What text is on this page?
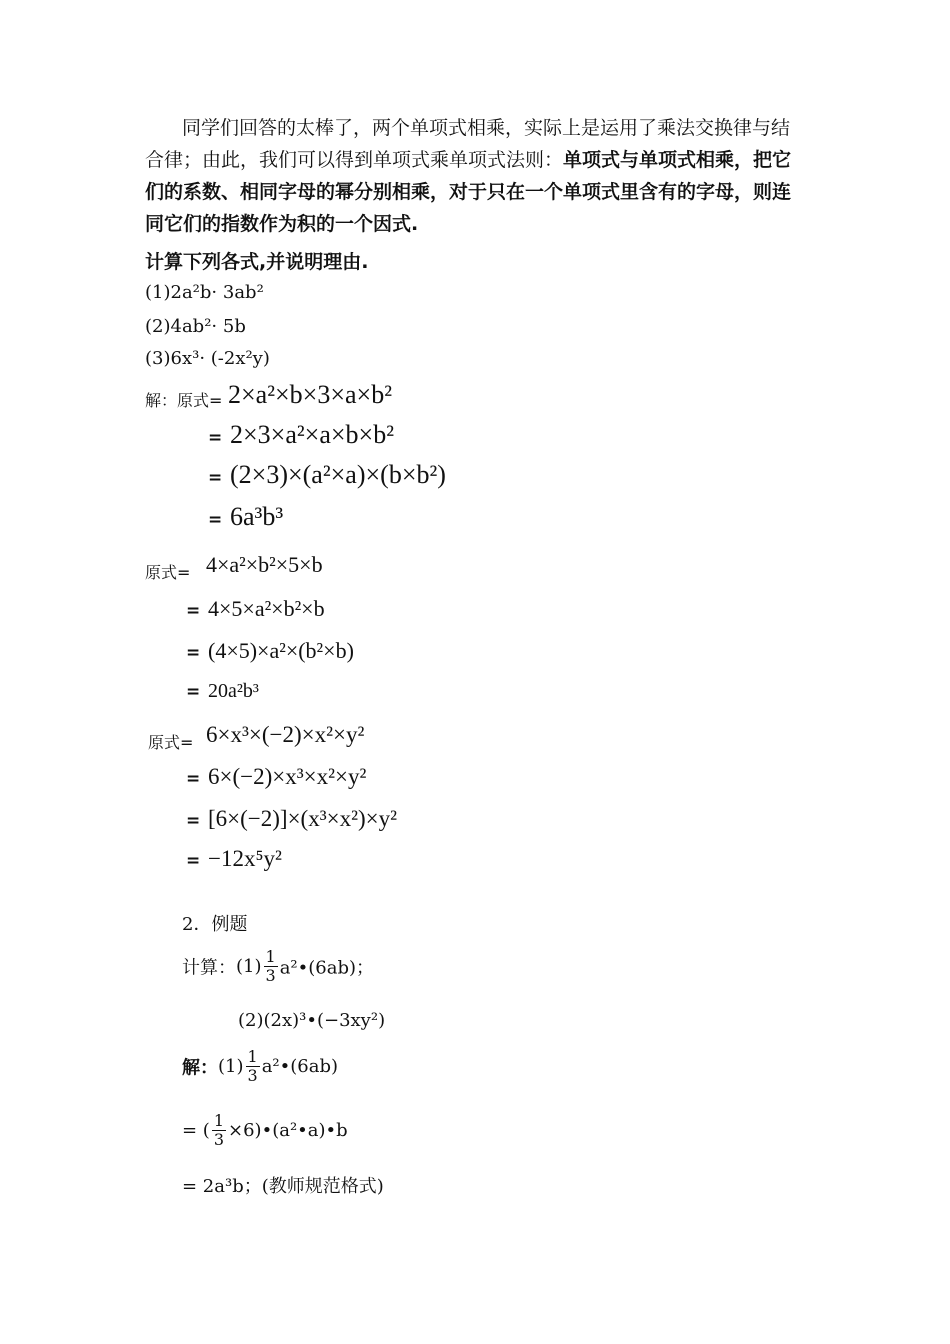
同学们回答的太棒了，两个单项式相乘，实际上是运用了乘法交换律与结
合律；由此，我们可以得到单项式乘单项式法则：单项式与单项式相乘，把它
们的系数、相同字母的幂分别相乘，对于只在一个单项式里含有的字母，则连
同它们的指数作为积的一个因式.
计算下列各式,并说明理由.
(1)2a²b· 3ab²
(2)4ab²· 5b
(3)6x³· (-2x²y)
解：原式= 2×a²×b×3×a×b²
= 2×3×a²×a×b×b²
= (2×3)×(a²×a)×(b×b²)
= 6a³b³
原式= 4×a²×b²×5×b
= 4×5×a²×b²×b
= (4×5)×a²×(b²×b)
= 20a²b³
原式= 6×x³×(−2)×x²×y²
= 6×(−2)×x³×x²×y²
= [6×(−2)]×(x³×x²)×y²
= −12x⁵y²
2．例题
计算：$(1) \frac{1}{3}$ a²•(6ab)；
(2)(2x)³•(−3xy²)
解：$(1) \frac{1}{3}$ a²•(6ab)
= ( $\frac{1}{3}$ ×6)•(a²•a)•b
= 2a³b；(教师规范格式)
